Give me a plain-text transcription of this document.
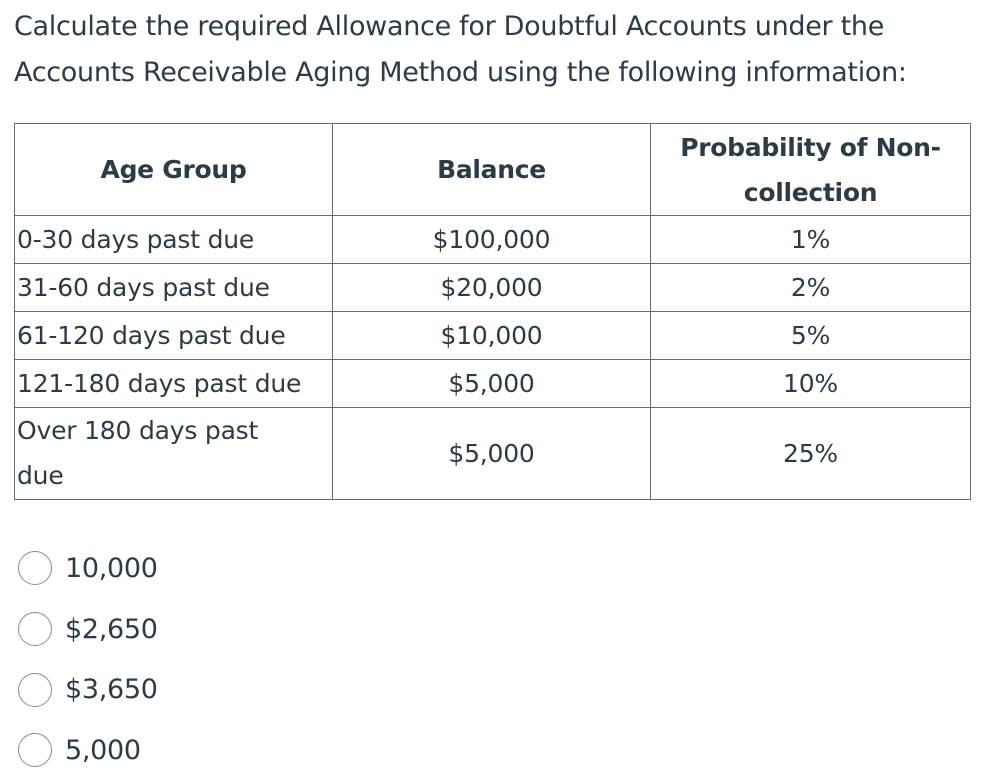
Calculate the required Allowance for Doubtful Accounts under the
Accounts Receivable Aging Method using the following information:
Age Group	Balance	Probability of Non-collection
0-30 days past due	$100,000	1%
31-60 days past due	$20,000	2%
61-120 days past due	$10,000	5%
121-180 days past due	$5,000	10%
Over 180 days past due	$5,000	25%
10,000
$2,650
$3,650
5,000
